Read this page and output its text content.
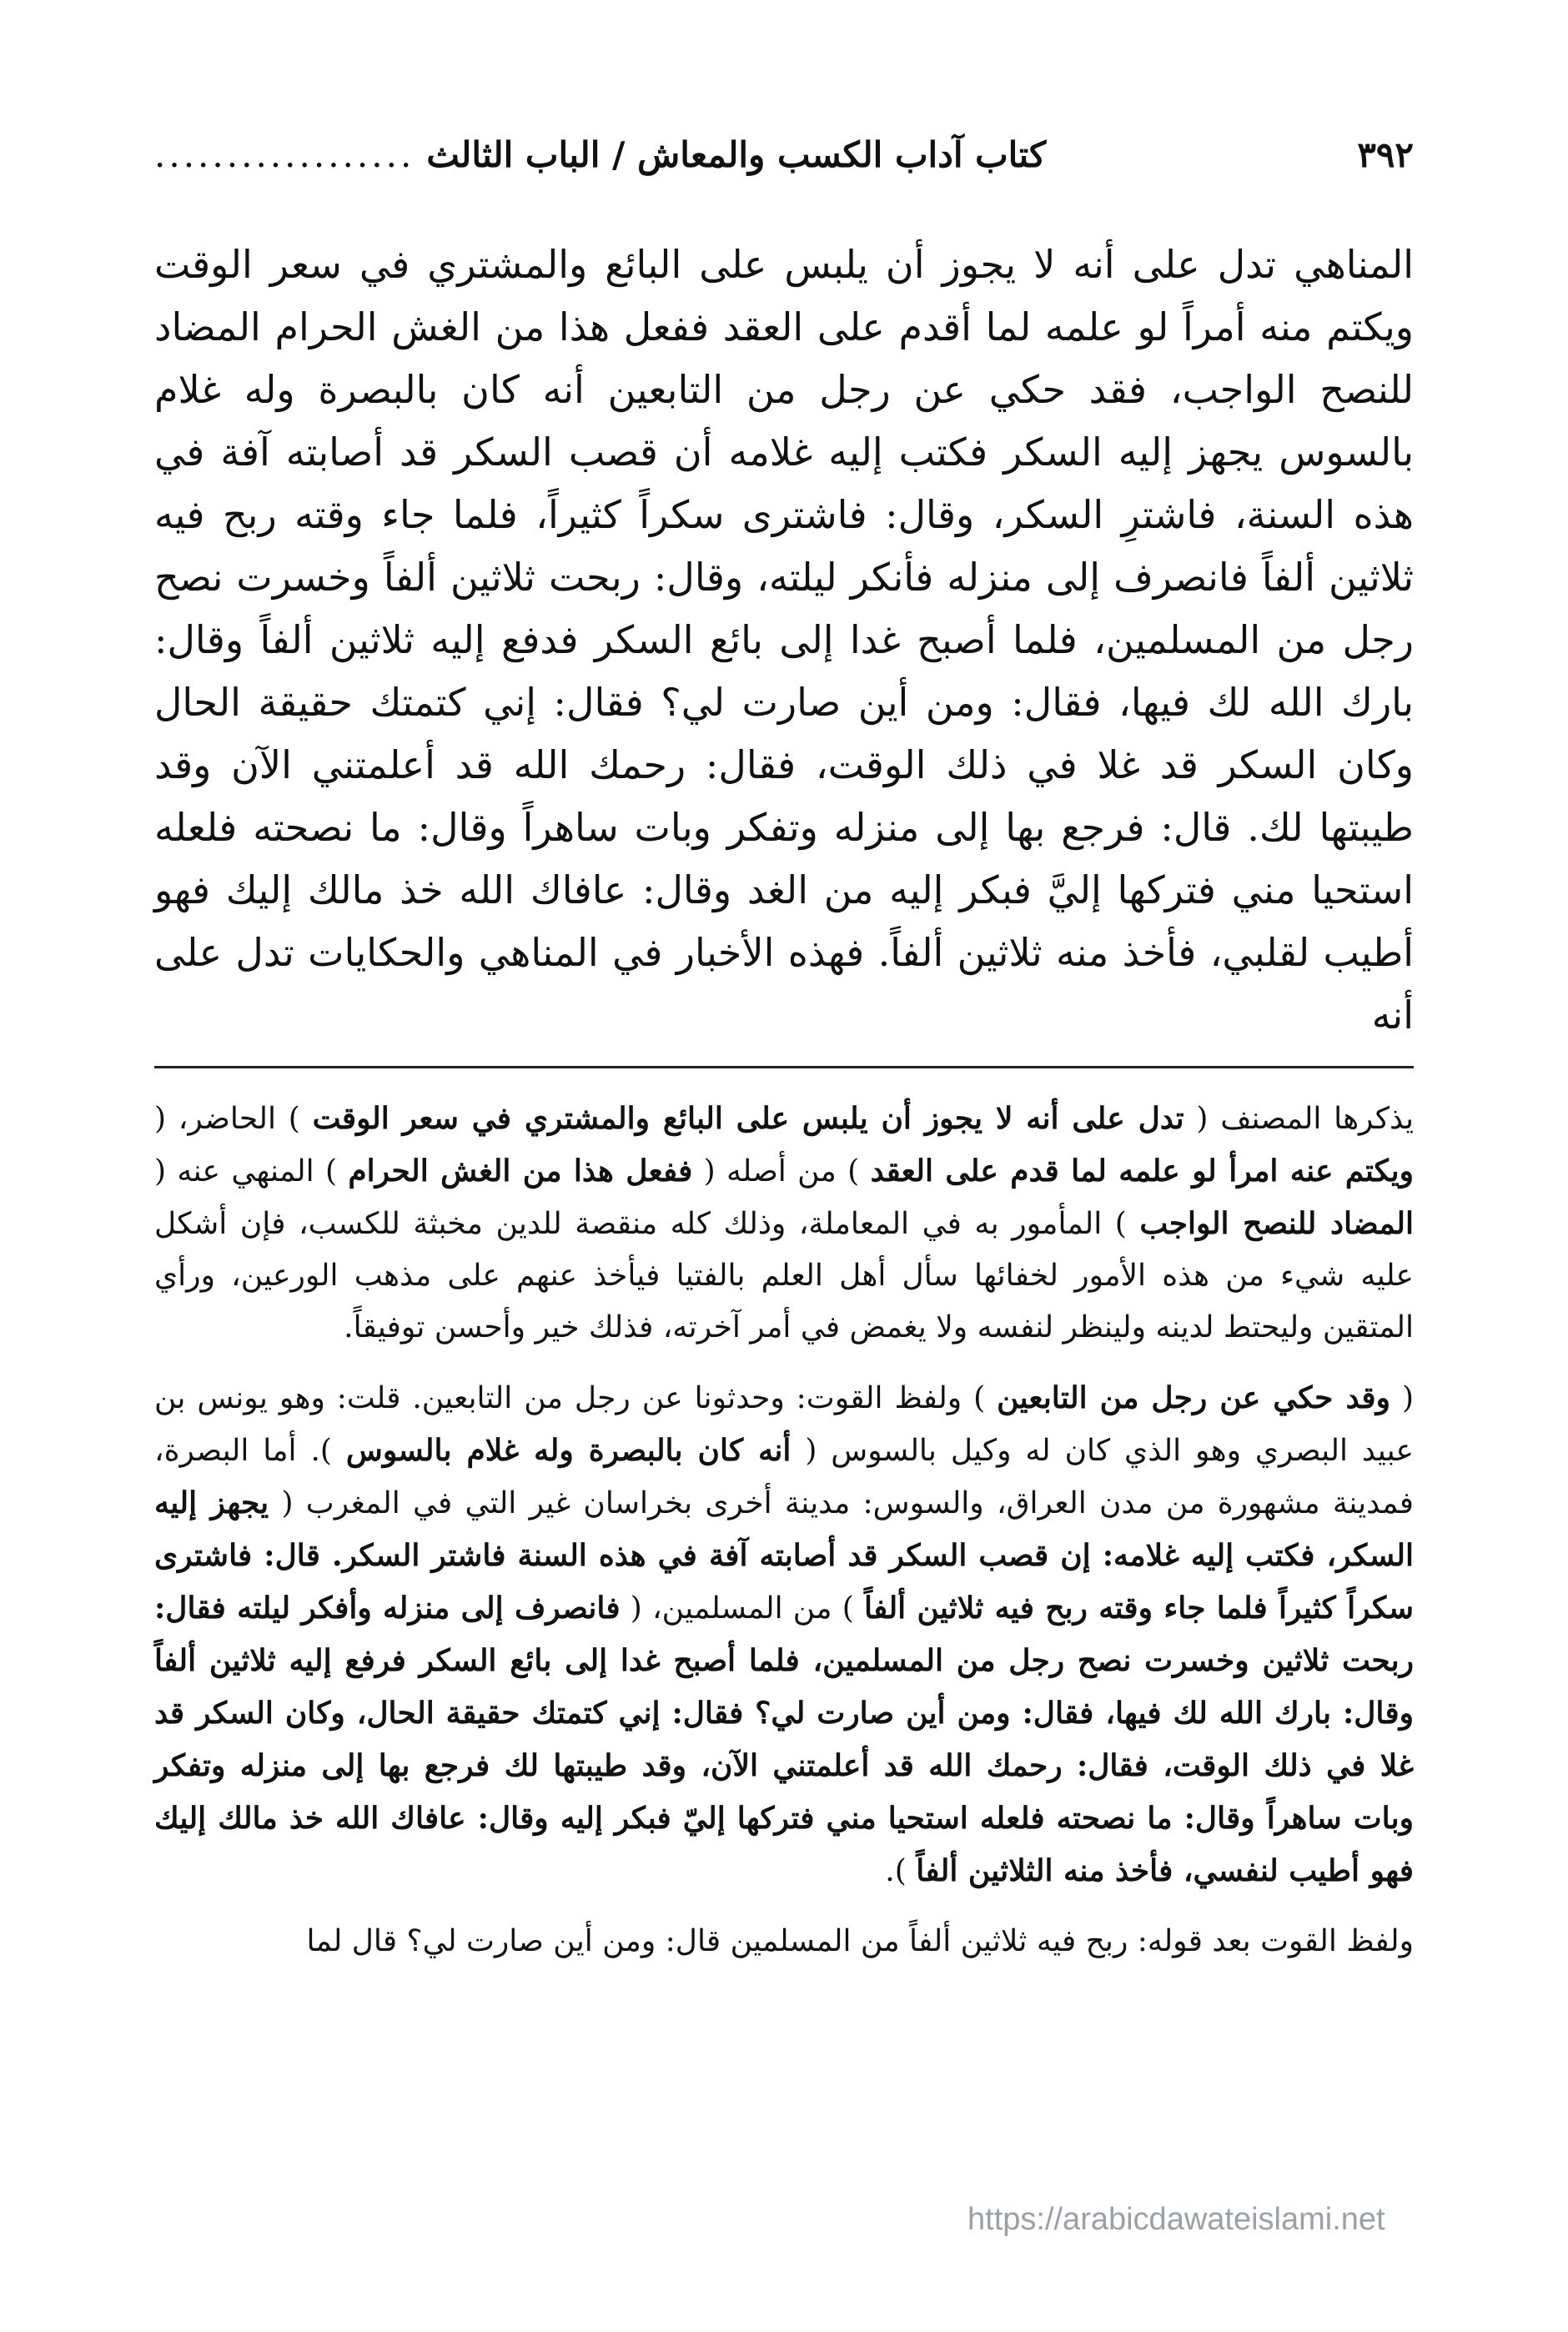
٣٩٢
كتاب آداب الكسب والمعاش / الباب الثالث
..................

المناهي تدل على أنه لا يجوز أن يلبس على البائع والمشتري في سعر الوقت ويكتم منه أمراً لو علمه لما أقدم على العقد ففعل هذا من الغش الحرام المضاد للنصح الواجب، فقد حكي عن رجل من التابعين أنه كان بالبصرة وله غلام بالسوس يجهز إليه السكر فكتب إليه غلامه أن قصب السكر قد أصابته آفة في هذه السنة، فاشترِ السكر، وقال: فاشترى سكراً كثيراً، فلما جاء وقته ربح فيه ثلاثين ألفاً فانصرف إلى منزله فأنكر ليلته، وقال: ربحت ثلاثين ألفاً وخسرت نصح رجل من المسلمين، فلما أصبح غدا إلى بائع السكر فدفع إليه ثلاثين ألفاً وقال: بارك الله لك فيها، فقال: ومن أين صارت لي؟ فقال: إني كتمتك حقيقة الحال وكان السكر قد غلا في ذلك الوقت، فقال: رحمك الله قد أعلمتني الآن وقد طيبتها لك. قال: فرجع بها إلى منزله وتفكر وبات ساهراً وقال: ما نصحته فلعله استحيا مني فتركها إليَّ فبكر إليه من الغد وقال: عافاك الله خذ مالك إليك فهو أطيب لقلبي، فأخذ منه ثلاثين ألفاً. فهذه الأخبار في المناهي والحكايات تدل على أنه

يذكرها المصنف ( تدل على أنه لا يجوز أن يلبس على البائع والمشتري في سعر الوقت ) الحاضر، ( ويكتم عنه امرأ لو علمه لما قدم على العقد ) من أصله ( ففعل هذا من الغش الحرام ) المنهي عنه ( المضاد للنصح الواجب ) المأمور به في المعاملة، وذلك كله منقصة للدين مخبثة للكسب، فإن أشكل عليه شيء من هذه الأمور لخفائها سأل أهل العلم بالفتيا فيأخذ عنهم على مذهب الورعين، ورأي المتقين وليحتط لدينه ولينظر لنفسه ولا يغمض في أمر آخرته، فذلك خير وأحسن توفيقاً.

( وقد حكي عن رجل من التابعين ) ولفظ القوت: وحدثونا عن رجل من التابعين. قلت: وهو يونس بن عبيد البصري وهو الذي كان له وكيل بالسوس ( أنه كان بالبصرة وله غلام بالسوس ). أما البصرة، فمدينة مشهورة من مدن العراق، والسوس: مدينة أخرى بخراسان غير التي في المغرب ( يجهز إليه السكر، فكتب إليه غلامه: إن قصب السكر قد أصابته آفة في هذه السنة فاشتر السكر. قال: فاشترى سكراً كثيراً فلما جاء وقته ربح فيه ثلاثين ألفاً ) من المسلمين، ( فانصرف إلى منزله وأفكر ليلته فقال: ربحت ثلاثين وخسرت نصح رجل من المسلمين، فلما أصبح غدا إلى بائع السكر فرفع إليه ثلاثين ألفاً وقال: بارك الله لك فيها، فقال: ومن أين صارت لي؟ فقال: إني كتمتك حقيقة الحال، وكان السكر قد غلا في ذلك الوقت، فقال: رحمك الله قد أعلمتني الآن، وقد طيبتها لك فرجع بها إلى منزله وتفكر وبات ساهراً وقال: ما نصحته فلعله استحيا مني فتركها إليّ فبكر إليه وقال: عافاك الله خذ مالك إليك فهو أطيب لنفسي، فأخذ منه الثلاثين ألفاً ).

ولفظ القوت بعد قوله: ربح فيه ثلاثين ألفاً من المسلمين قال: ومن أين صارت لي؟ قال لما

https://arabicdawateislami.net
